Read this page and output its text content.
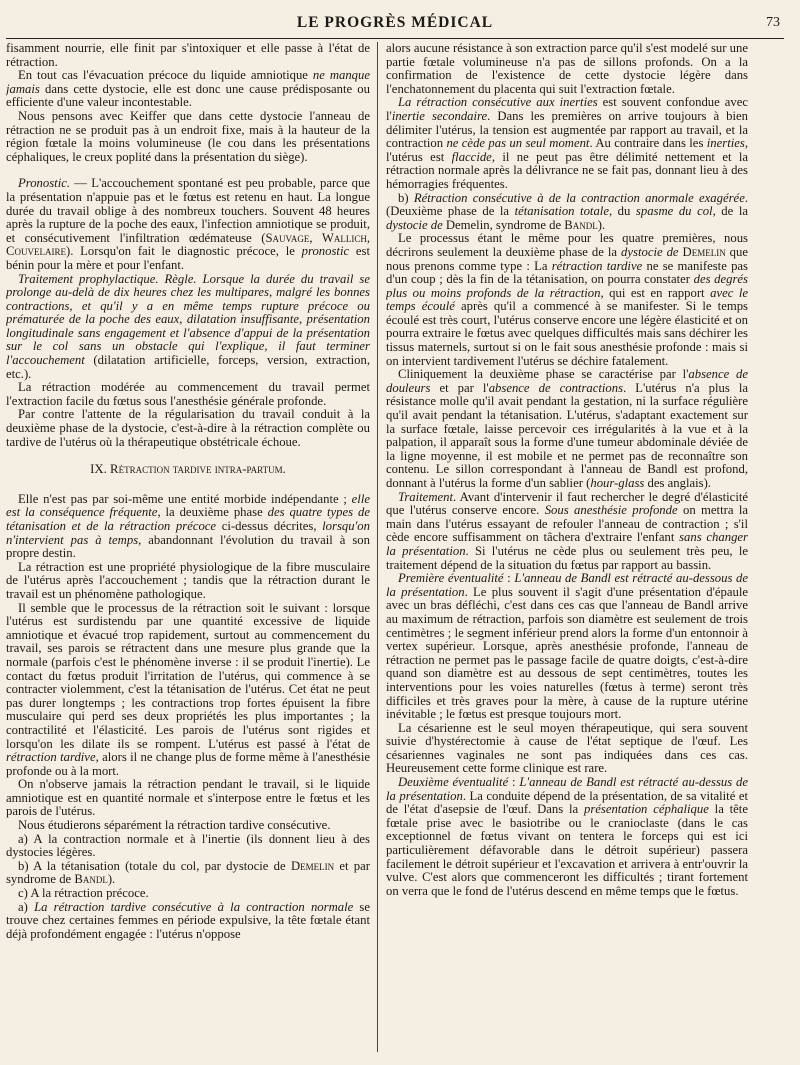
LE PROGRÈS MÉDICAL	73

fisamment nourrie, elle finit par s'intoxiquer et elle passe à l'état de rétraction.

En tout cas l'évacuation précoce du liquide amniotique ne manque jamais dans cette dystocie, elle est donc une cause prédisposante ou efficiente d'une valeur incontestable.

Nous pensons avec Keiffer que dans cette dystocie l'anneau de rétraction ne se produit pas à un endroit fixe, mais à la hauteur de la région fœtale la moins volumineuse (le cou dans les présentations céphaliques, le creux poplité dans la présentation du siège).

Pronostic. — L'accouchement spontané est peu probable, parce que la présentation n'appuie pas et le fœtus est retenu en haut. La longue durée du travail oblige à des nombreux touchers. Souvent 48 heures après la rupture de la poche des eaux, l'infection amniotique se produit, et consécutivement l'infiltration œdémateuse (Sauvage, Wallich, Couvelaire). Lorsqu'on fait le diagnostic précoce, le pronostic est bénin pour la mère et pour l'enfant.

Traitement prophylactique. Règle. Lorsque la durée du travail se prolonge au-delà de dix heures chez les multipares, malgré les bonnes contractions, et qu'il y a en même temps rupture précoce ou prématurée de la poche des eaux, dilatation insuffisante, présentation longitudinale sans engagement et l'absence d'appui de la présentation sur le col sans un obstacle qui l'explique, il faut terminer l'accouchement (dilatation artificielle, forceps, version, extraction, etc.).

La rétraction modérée au commencement du travail permet l'extraction facile du fœtus sous l'anesthésie générale profonde.

Par contre l'attente de la régularisation du travail conduit à la deuxième phase de la dystocie, c'est-à-dire à la rétraction complète ou tardive de l'utérus où la thérapeutique obstétricale échoue.

IX. Rétraction tardive intra-partum.

Elle n'est pas par soi-même une entité morbide indépendante ; elle est la conséquence fréquente, la deuxième phase des quatre types de tétanisation et de la rétraction précoce ci-dessus décrites, lorsqu'on n'intervient pas à temps, abandonnant l'évolution du travail à son propre destin.

La rétraction est une propriété physiologique de la fibre musculaire de l'utérus après l'accouchement ; tandis que la rétraction durant le travail est un phénomène pathologique.

Il semble que le processus de la rétraction soit le suivant : lorsque l'utérus est surdistendu par une quantité excessive de liquide amniotique et évacué trop rapidement, surtout au commencement du travail, ses parois se rétractent dans une mesure plus grande que la normale (parfois c'est le phénomène inverse : il se produit l'inertie). Le contact du fœtus produit l'irritation de l'utérus, qui commence à se contracter violemment, c'est la tétanisation de l'utérus. Cet état ne peut pas durer longtemps ; les contractions trop fortes épuisent la fibre musculaire qui perd ses deux propriétés les plus importantes ; la contractilité et l'élasticité. Les parois de l'utérus sont rigides et lorsqu'on les dilate ils se rompent. L'utérus est passé à l'état de rétraction tardive, alors il ne change plus de forme même à l'anesthésie profonde ou à la mort.

On n'observe jamais la rétraction pendant le travail, si le liquide amniotique est en quantité normale et s'interpose entre le fœtus et les parois de l'utérus.

Nous étudierons séparément la rétraction tardive consécutive.

a) A la contraction normale et à l'inertie (ils donnent lieu à des dystocies légères.

b) A la tétanisation (totale du col, par dystocie de Demelin et par syndrome de Bandl).

c) A la rétraction précoce.

a) La rétraction tardive consécutive à la contraction normale se trouve chez certaines femmes en période expulsive, la tête fœtale étant déjà profondément engagée : l'utérus n'oppose

alors aucune résistance à son extraction parce qu'il s'est modelé sur une partie fœtale volumineuse n'a pas de sillons profonds. On a la confirmation de l'existence de cette dystocie légère dans l'enchatonnement du placenta qui suit l'extraction fœtale.

La rétraction consécutive aux inerties est souvent confondue avec l'inertie secondaire. Dans les premières on arrive toujours à bien délimiter l'utérus, la tension est augmentée par rapport au travail, et la contraction ne cède pas un seul moment. Au contraire dans les inerties, l'utérus est flaccide, il ne peut pas être délimité nettement et la rétraction normale après la délivrance ne se fait pas, donnant lieu à des hémorragies fréquentes.

b) Rétraction consécutive à de la contraction anormale exagérée. (Deuxième phase de la tétanisation totale, du spasme du col, de la dystocie de Demelin, syndrome de Bandl).

Le processus étant le même pour les quatre premières, nous décrirons seulement la deuxième phase de la dystocie de Demelin que nous prenons comme type : La rétraction tardive ne se manifeste pas d'un coup ; dès la fin de la tétanisation, on pourra constater des degrés plus ou moins profonds de la rétraction, qui est en rapport avec le temps écoulé après qu'il a commencé à se manifester. Si le temps écoulé est très court, l'utérus conserve encore une légère élasticité et on pourra extraire le fœtus avec quelques difficultés mais sans déchirer les tissus maternels, surtout si on le fait sous anesthésie profonde : mais si on intervient tardivement l'utérus se déchire fatalement.

Cliniquement la deuxième phase se caractérise par l'absence de douleurs et par l'absence de contractions. L'utérus n'a plus la résistance molle qu'il avait pendant la gestation, ni la surface régulière qu'il avait pendant la tétanisation. L'utérus, s'adaptant exactement sur la surface fœtale, laisse percevoir ces irrégularités à la vue et à la palpation, il apparaît sous la forme d'une tumeur abdominale déviée de la ligne moyenne, il est mobile et ne permet pas de reconnaître son contenu. Le sillon correspondant à l'anneau de Bandl est profond, donnant à l'utérus la forme d'un sablier (hour-glass des anglais).

Traitement. Avant d'intervenir il faut rechercher le degré d'élasticité que l'utérus conserve encore. Sous anesthésie profonde on mettra la main dans l'utérus essayant de refouler l'anneau de contraction ; s'il cède encore suffisamment on tâchera d'extraire l'enfant sans changer la présentation. Si l'utérus ne cède plus ou seulement très peu, le traitement dépend de la situation du fœtus par rapport au bassin.

Première éventualité : L'anneau de Bandl est rétracté au-dessous de la présentation. Le plus souvent il s'agit d'une présentation d'épaule avec un bras défléchi, c'est dans ces cas que l'anneau de Bandl arrive au maximum de rétraction, parfois son diamètre est seulement de trois centimètres ; le segment inférieur prend alors la forme d'un entonnoir à vertex supérieur. Lorsque, après anesthésie profonde, l'anneau de rétraction ne permet pas le passage facile de quatre doigts, c'est-à-dire quand son diamètre est au dessous de sept centimètres, toutes les interventions pour les voies naturelles (fœtus à terme) seront très difficiles et très graves pour la mère, à cause de la rupture utérine inévitable ; le fœtus est presque toujours mort.

La césarienne est le seul moyen thérapeutique, qui sera souvent suivie d'hystérectomie à cause de l'état septique de l'œuf. Les césariennes vaginales ne sont pas indiquées dans ces cas. Heureusement cette forme clinique est rare.

Deuxième éventualité : L'anneau de Bandl est rétracté au-dessus de la présentation. La conduite dépend de la présentation, de sa vitalité et de l'état d'asepsie de l'œuf. Dans la présentation céphalique la tête fœtale prise avec le basiotribe ou le cranioclaste (dans le cas exceptionnel de fœtus vivant on tentera le forceps qui est ici particulièrement défavorable dans le détroit supérieur) passera facilement le détroit supérieur et l'excavation et arrivera à entr'ouvrir la vulve. C'est alors que commenceront les difficultés ; tirant fortement on verra que le fond de l'utérus descend en même temps que le fœtus.
